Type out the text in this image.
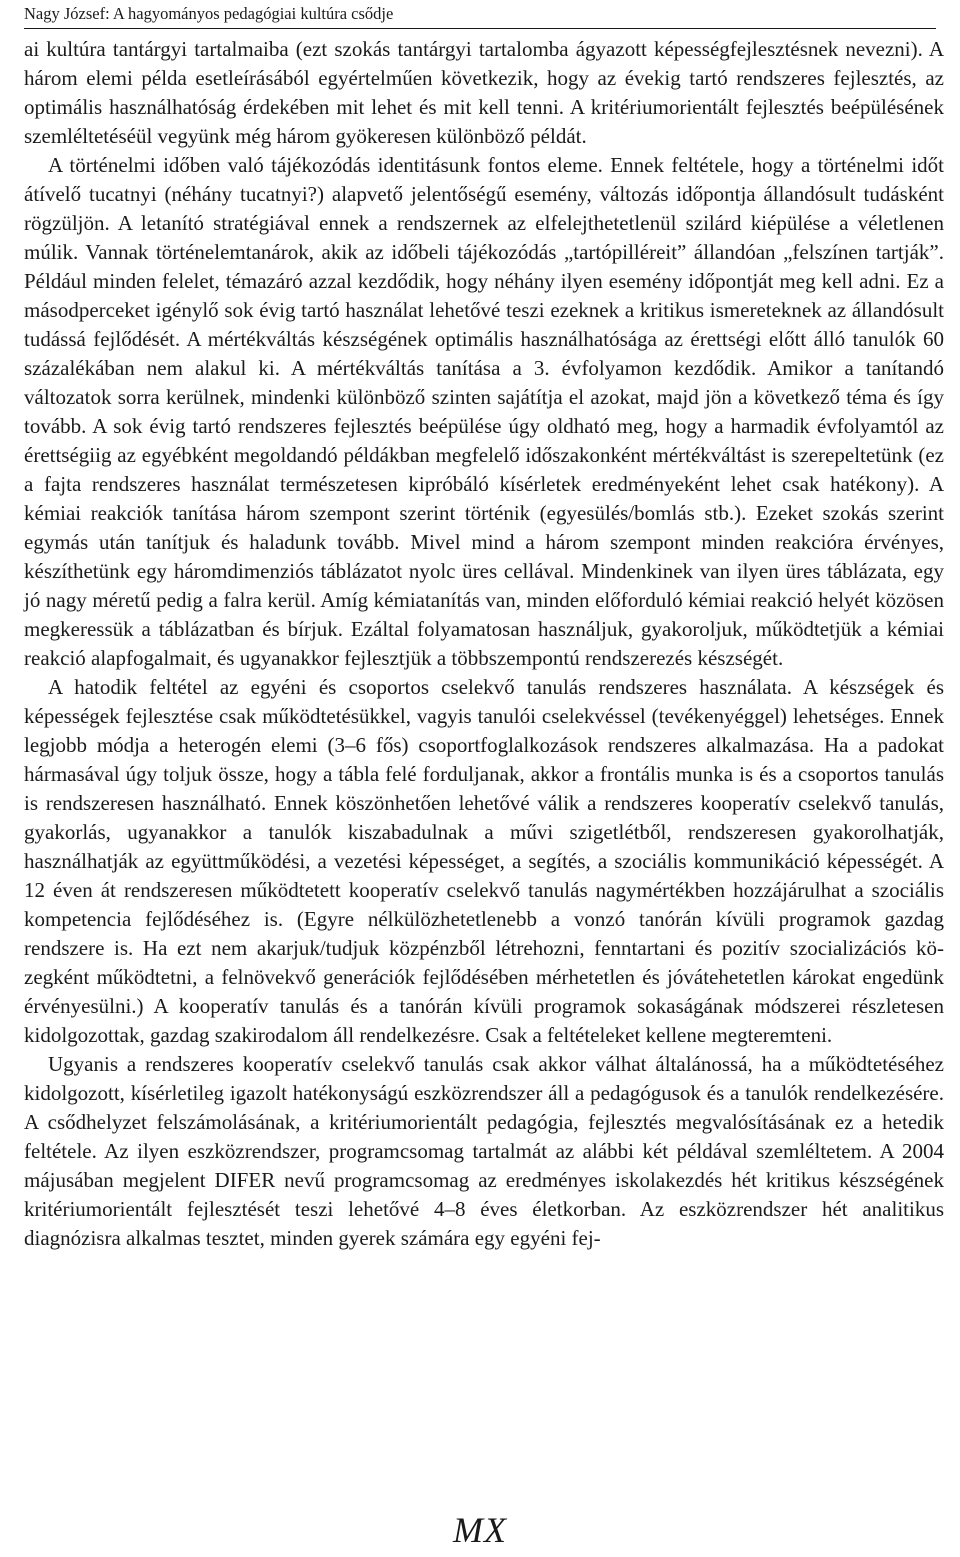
Nagy József: A hagyományos pedagógiai kultúra csődje

ai kultúra tantárgyi tartalmaiba (ezt szokás tantárgyi tartalomba ágyazott képességfejlesztésnek nevezni). A három elemi példa esetleírásából egyértelműen következik, hogy az évekig tartó rendszeres fejlesztés, az optimális használhatóság érdekében mit lehet és mit kell tenni. A kritériumorientált fejlesztés beépülésének szemléltetéséül vegyünk még három gyökeresen különböző példát.

A történelmi időben való tájékozódás identitásunk fontos eleme. Ennek feltétele, hogy a történelmi időt átívelő tucatnyi (néhány tucatnyi?) alapvető jelentőségű esemény, változás időpontja állandósult tudásként rögzüljön. A letanító stratégiával ennek a rendszernek az elfelejthetetlenül szilárd kiépülése a véletlenen múlik. Vannak történelemtanárok, akik az időbeli tájékozódás „tartópilléreit” állandóan „felszínen tartják”. Például minden felelet, témazáró azzal kezdődik, hogy néhány ilyen esemény időpontját meg kell adni. Ez a másodperceket igénylő sok évig tartó használat lehetővé teszi ezeknek a kritikus ismereteknek az állandósult tudássá fejlődését. A mértékváltás készségének optimális használhatósága az érettségi előtt álló tanulók 60 százalékában nem alakul ki. A mértékváltás tanítása a 3. évfolyamon kezdődik. Amikor a tanítandó változatok sorra kerülnek, mindenki különböző szinten sajátítja el azokat, majd jön a következő téma és így tovább. A sok évig tartó rendszeres fejlesztés beépülése úgy oldható meg, hogy a harmadik évfolyamtól az érettségiig az egyébként megoldandó példákban megfelelő időszakonként mértékváltást is szerepeltetünk (ez a fajta rendszeres használat természetesen kipróbáló kísérletek eredményeként lehet csak hatékony). A kémiai reakciók tanítása három szempont szerint történik (egyesülés/bomlás stb.). Ezeket szokás szerint egymás után tanítjuk és haladunk tovább. Mivel mind a három szempont minden reakcióra érvényes, készíthetünk egy háromdimenziós táblázatot nyolc üres cellával. Mindenkinek van ilyen üres táblázata, egy jó nagy méretű pedig a falra kerül. Amíg kémiatanítás van, minden előforduló kémiai reakció helyét közösen megkeressük a táblázatban és bírjuk. Ezáltal folyamatosan használjuk, gyakoroljuk, működtetjük a kémiai reakció alapfogalmait, és ugyanakkor fejlesztjük a többszempontú rendszerezés készségét.

A hatodik feltétel az egyéni és csoportos cselekvő tanulás rendszeres használata. A készségek és képességek fejlesztése csak működtetésükkel, vagyis tanulói cselekvéssel (tevékenyéggel) lehetséges. Ennek legjobb módja a heterogén elemi (3–6 fős) csoportfoglalkozások rendszeres alkalmazása. Ha a padokat hármasával úgy toljuk össze, hogy a tábla felé forduljanak, akkor a frontális munka is és a csoportos tanulás is rendszeresen használható. Ennek köszönhetően lehetővé válik a rendszeres kooperatív cselekvő tanulás, gyakorlás, ugyanakkor a tanulók kiszabadulnak a művi szigetlétből, rendszeresen gyakorolhatják, használhatják az együttműködési, a vezetési képességet, a segítés, a szociális kommunikáció képességét. A 12 éven át rendszeresen működtetett kooperatív cselekvő tanulás nagymértékben hozzájárulhat a szociális kompetencia fejlődéséhez is. (Egyre nélkülözhetetlenebb a vonzó tanórán kívüli programok gazdag rendszere is. Ha ezt nem akarjuk/tudjuk közpénzből létrehozni, fenntartani és pozitív szocializációs közegként működtetni, a felnövekvő generációk fejlődésében mérhetetlen és jóvátehetetlen károkat engedünk érvényesülni.) A kooperatív tanulás és a tanórán kívüli programok sokaságának módszerei részletesen kidolgozottak, gazdag szakirodalom áll rendelkezésre. Csak a feltételeket kellene megteremteni.

Ugyanis a rendszeres kooperatív cselekvő tanulás csak akkor válhat általánossá, ha a működtetéséhez kidolgozott, kísérletileg igazolt hatékonyságú eszközrendszer áll a pedagógusok és a tanulók rendelkezésére. A csődhelyzet felszámolásának, a kritériumorientált pedagógia, fejlesztés megvalósításának ez a hetedik feltétele. Az ilyen eszközrendszer, programcsomag tartalmát az alábbi két példával szemléltetem. A 2004 májusában megjelent DIFER nevű programcsomag az eredményes iskolakezdés hét kritikus készségének kritériumorientált fejlesztését teszi lehetővé 4–8 éves életkorban. Az eszközrendszer hét analitikus diagnózisra alkalmas tesztet, minden gyerek számára egy egyéni fej-

MX
